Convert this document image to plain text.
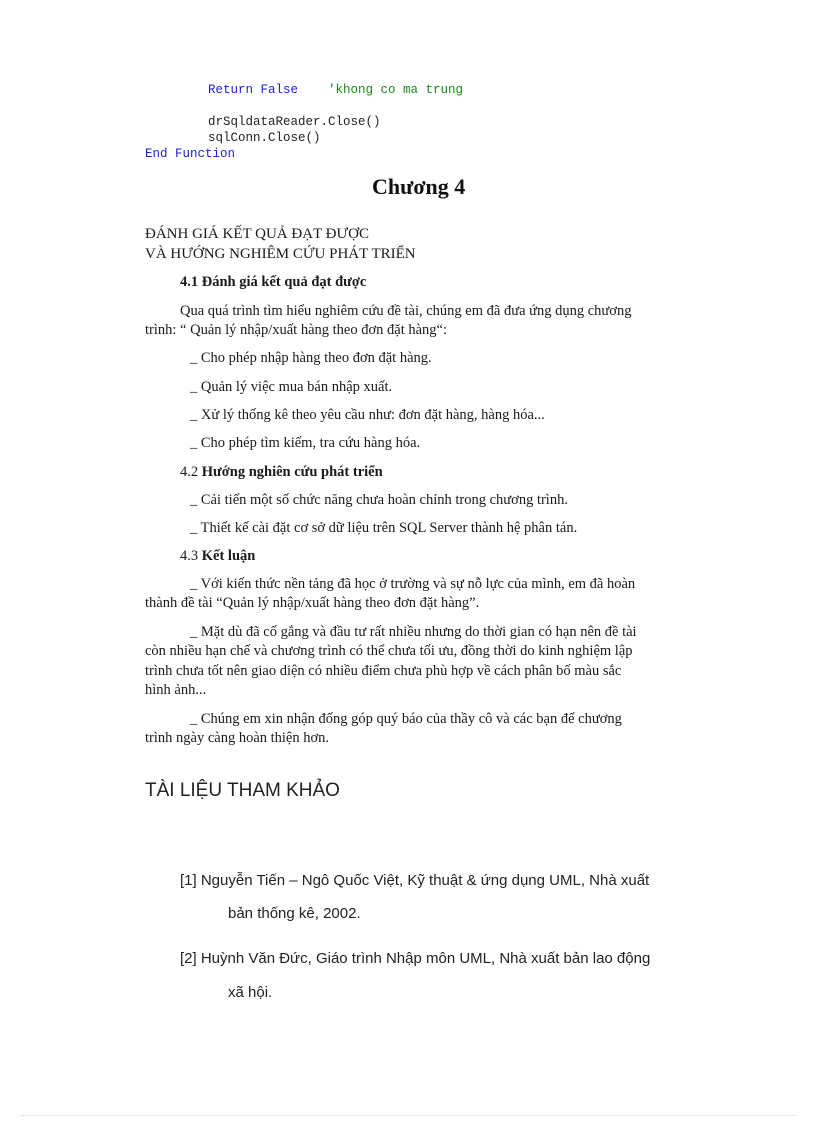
Return False 'khong co ma trung
drSqldataReader.Close()
sqlConn.Close()
End Function
Chương 4
ĐÁNH GIÁ KẾT QUẢ ĐẠT ĐƯỢC
VÀ HƯỚNG NGHIÊM CỨU PHÁT TRIỂN
4.1 Đánh giá kết quả đạt được
Qua quá trình tìm hiểu nghiêm cứu đề tài, chúng em đã đưa ứng dụng chương
trình: “ Quản lý nhập/xuất hàng theo đơn đặt hàng“:
_ Cho phép nhập hàng theo đơn đặt hàng.
_ Quản lý việc mua bán nhập xuất.
_ Xử lý thống kê theo yêu cầu như: đơn đặt hàng, hàng hóa...
_ Cho phép tìm kiếm, tra cứu hàng hóa.
4.2 Hướng nghiên cứu phát triển
_ Cải tiến một số chức năng chưa hoàn chỉnh trong chương trình.
_ Thiết kế cài đặt cơ sở dữ liệu trên SQL Server thành hệ phân tán.
4.3 Kết luận
_ Với kiến thức nền tảng đã học ở trường và sự nỗ lực của mình, em đã hoàn
thành đề tài “Quản lý nhập/xuất hàng theo đơn đặt hàng”.
_ Mặt dù đã cố gắng và đầu tư rất nhiều nhưng do thời gian có hạn nên đề tài
còn nhiều hạn chế và chương trình có thể chưa tối ưu, đồng thời do kinh nghiệm lập
trình chưa tốt nên giao diện có nhiều điểm chưa phù hợp về cách phân bố màu sắc
hình ảnh...
_ Chúng em xin nhận đống góp quý báo của thầy cô và các bạn để chương
trình ngày càng hoàn thiện hơn.
TÀI LIỆU THAM KHẢO
[1] Nguyễn Tiến – Ngô Quốc Việt, Kỹ thuật & ứng dụng UML, Nhà xuất
bản thống kê, 2002.
[2] Huỳnh Văn Đức, Giáo trình Nhập môn UML, Nhà xuất bản lao động
xã hội.
